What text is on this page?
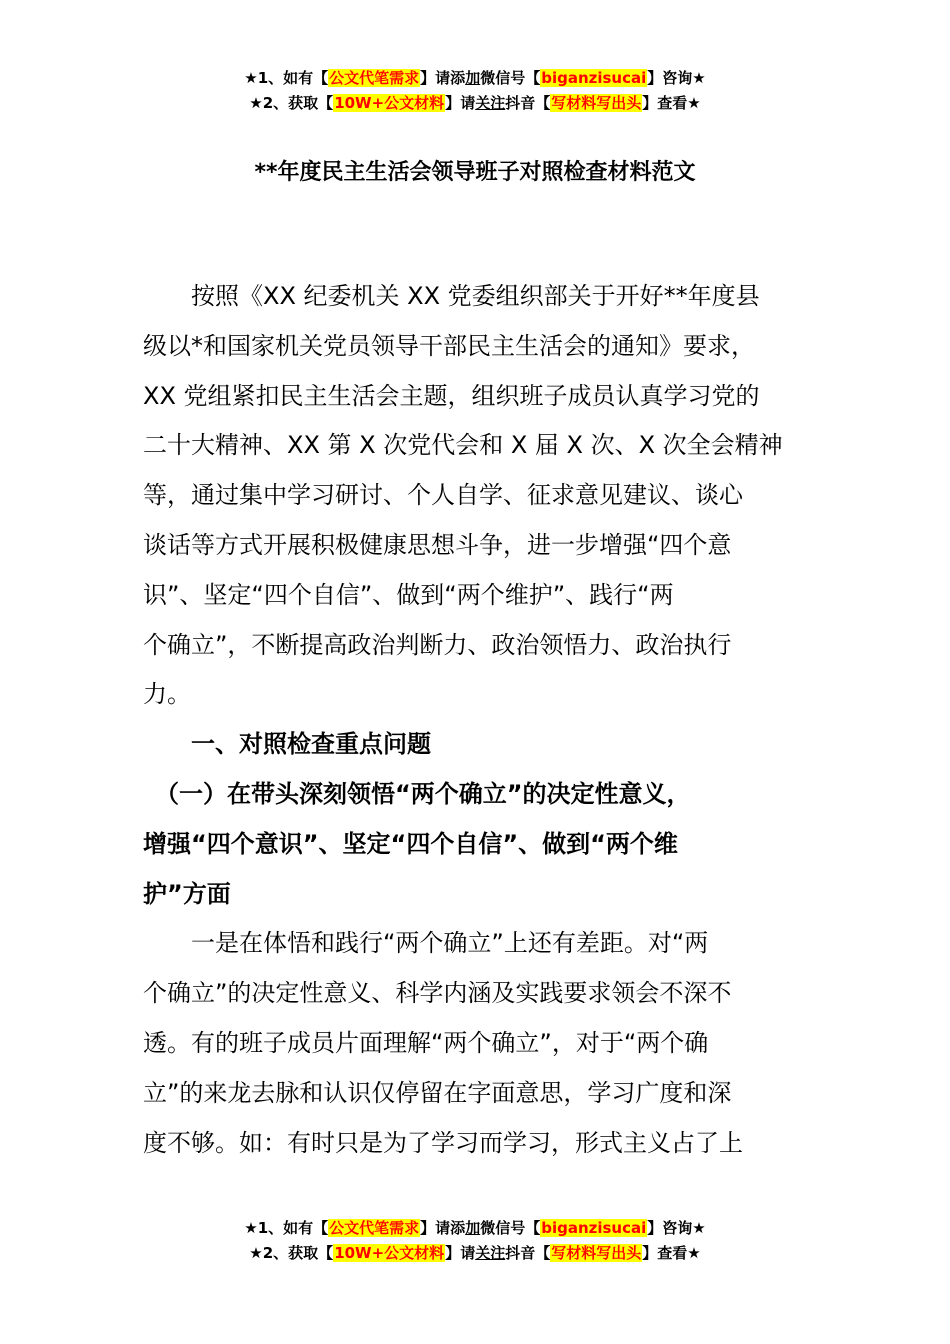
★1、如有【公文代笔需求】请添加微信号【biganzisucai】咨询★
★2、获取【10W+公文材料】请关注抖音【写材料写出头】查看★
**年度民主生活会领导班子对照检查材料范文
　　按照《XX 纪委机关 XX 党委组织部关于开好**年度县
级以*和国家机关党员领导干部民主生活会的通知》要求，
XX 党组紧扣民主生活会主题，组织班子成员认真学习党的
二十大精神、XX 第 X 次党代会和 X 届 X 次、X 次全会精神
等，通过集中学习研讨、个人自学、征求意见建议、谈心
谈话等方式开展积极健康思想斗争，进一步增强“四个意
识”、坚定“四个自信”、做到“两个维护”、践行“两
个确立”，不断提高政治判断力、政治领悟力、政治执行
力。
　　一、对照检查重点问题
　（一）在带头深刻领悟“两个确立”的决定性意义，
增强“四个意识”、坚定“四个自信”、做到“两个维
护”方面
　　一是在体悟和践行“两个确立”上还有差距。对“两
个确立”的决定性意义、科学内涵及实践要求领会不深不
透。有的班子成员片面理解“两个确立”，对于“两个确
立”的来龙去脉和认识仅停留在字面意思，学习广度和深
度不够。如：有时只是为了学习而学习，形式主义占了上
★1、如有【公文代笔需求】请添加微信号【biganzisucai】咨询★
★2、获取【10W+公文材料】请关注抖音【写材料写出头】查看★
